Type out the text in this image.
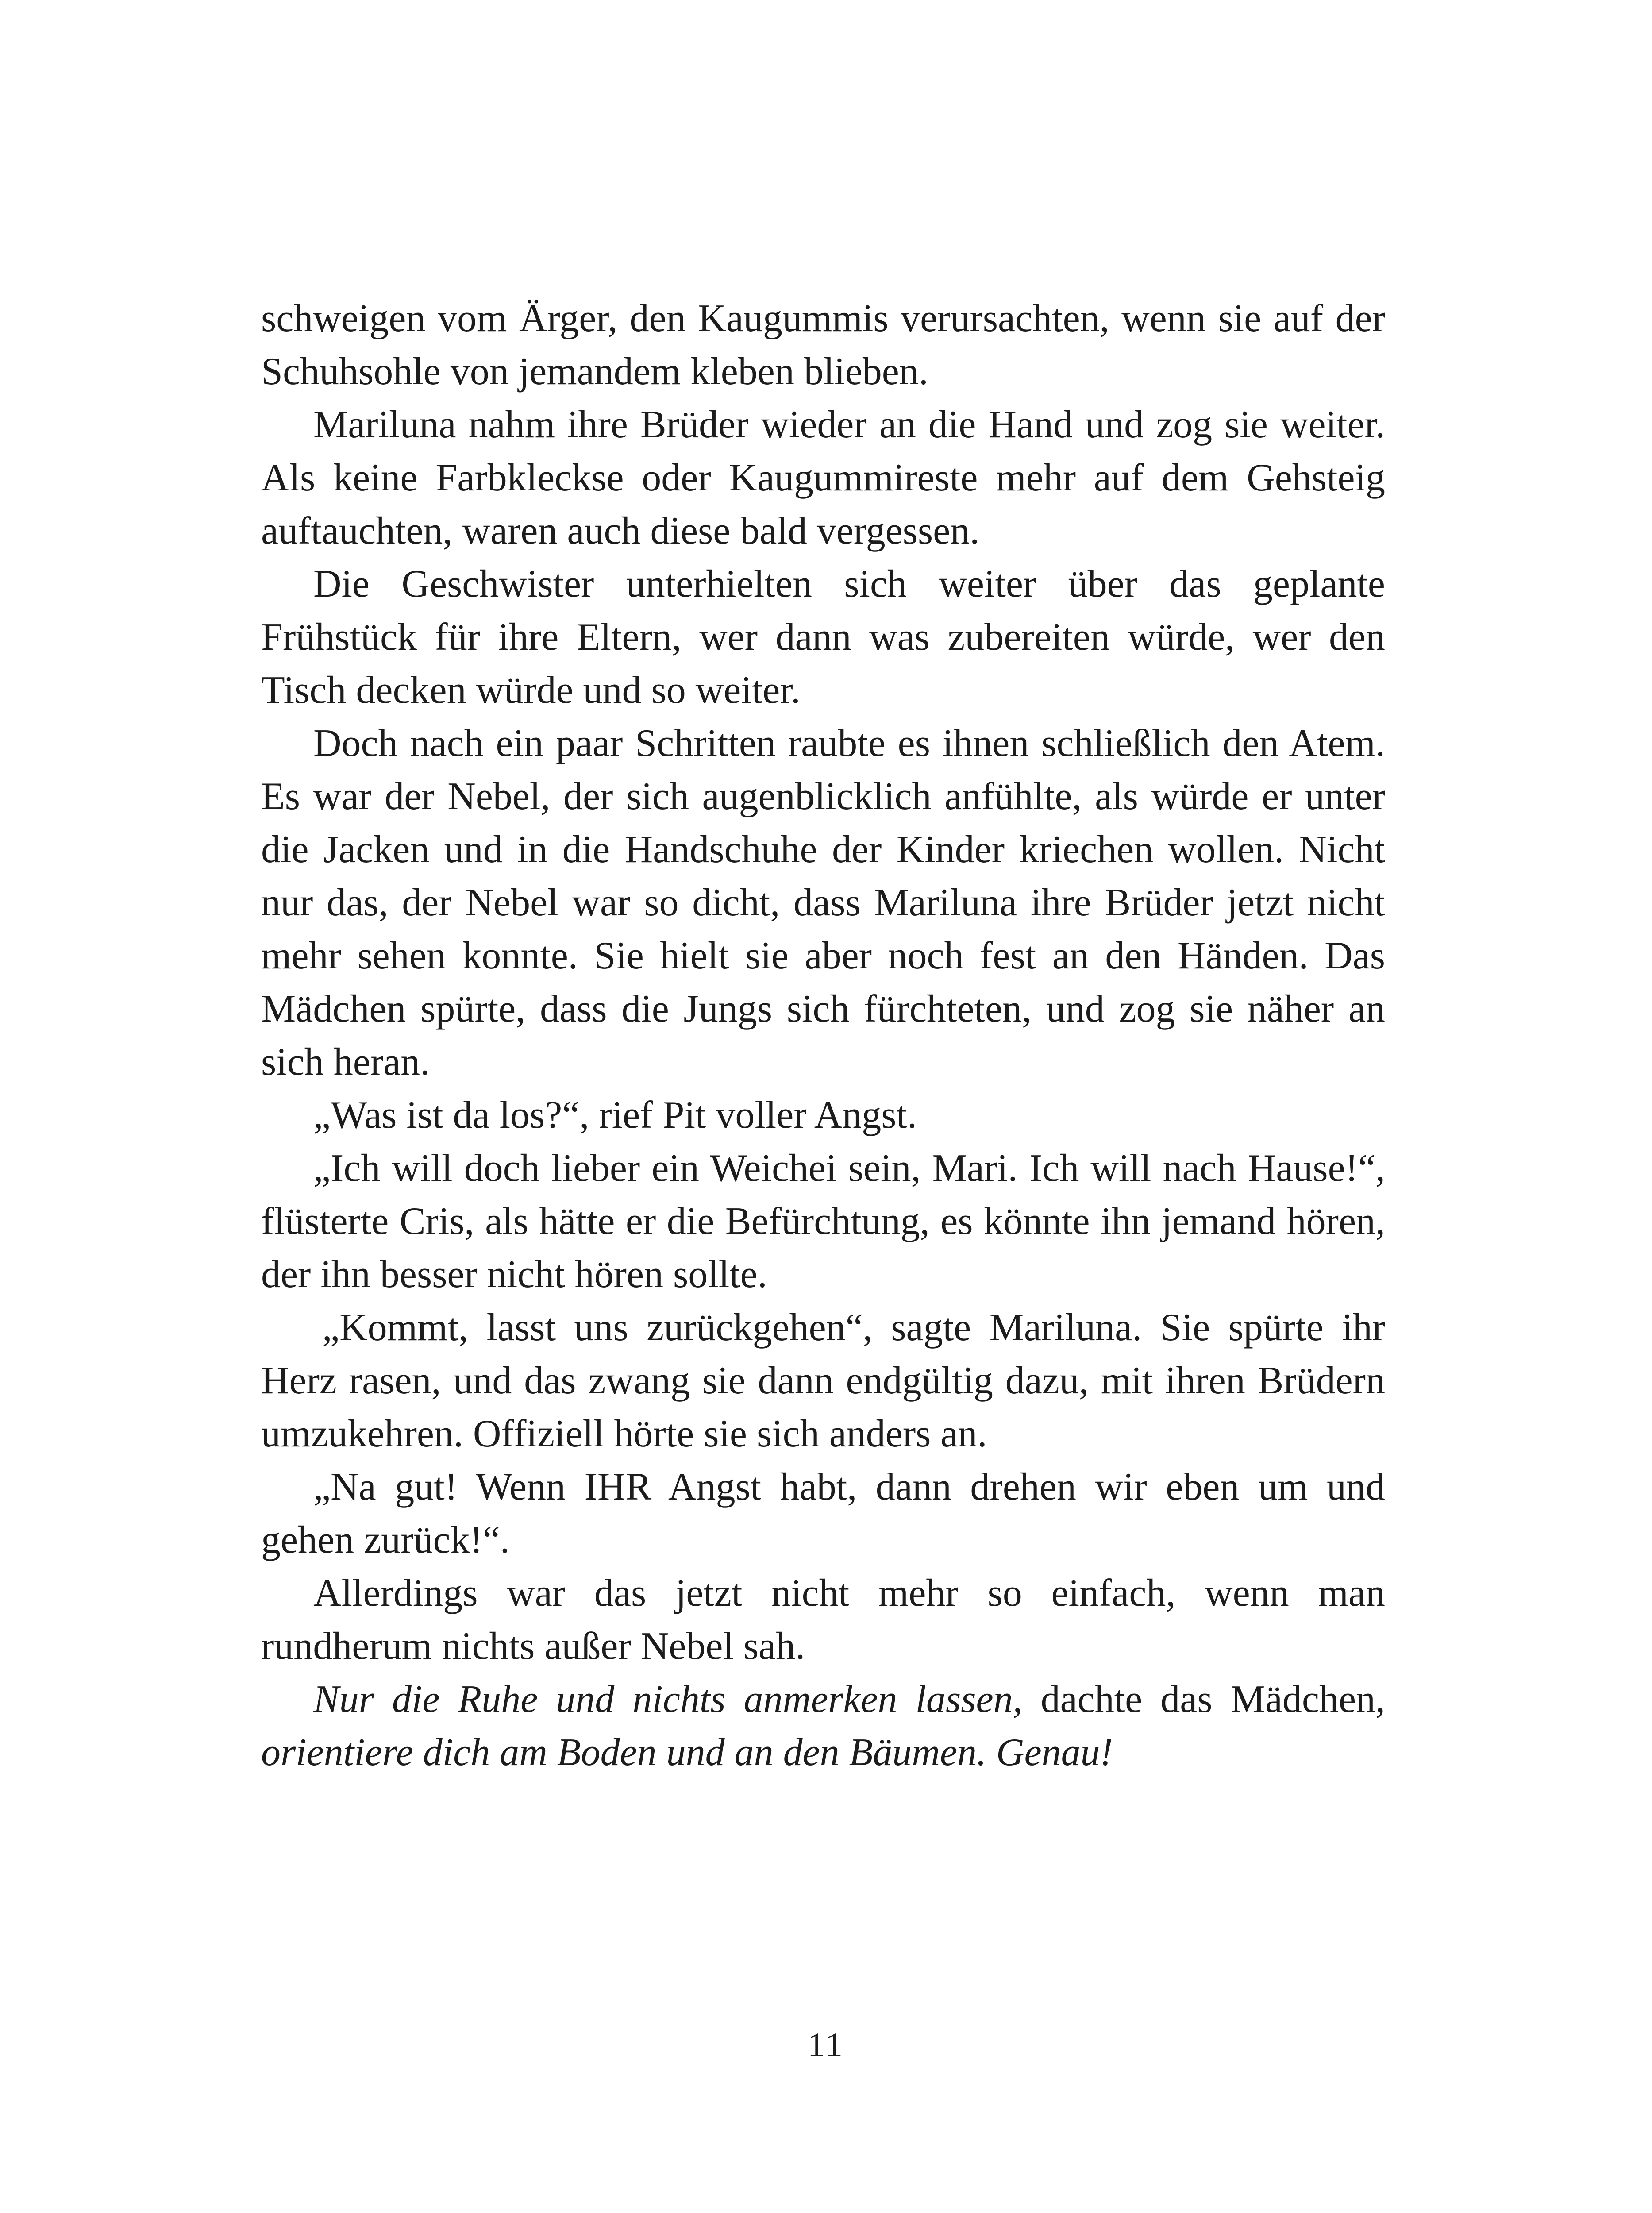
schweigen vom Ärger, den Kaugummis verursachten, wenn sie auf der Schuhsohle von jemandem kleben blieben.

Mariluna nahm ihre Brüder wieder an die Hand und zog sie weiter. Als keine Farbkleckse oder Kaugummireste mehr auf dem Gehsteig auftauchten, waren auch diese bald vergessen.

Die Geschwister unterhielten sich weiter über das geplante Frühstück für ihre Eltern, wer dann was zubereiten würde, wer den Tisch decken würde und so weiter.

Doch nach ein paar Schritten raubte es ihnen schließlich den Atem. Es war der Nebel, der sich augenblicklich anfühlte, als würde er unter die Jacken und in die Handschuhe der Kinder kriechen wollen. Nicht nur das, der Nebel war so dicht, dass Mariluna ihre Brüder jetzt nicht mehr sehen konnte. Sie hielt sie aber noch fest an den Händen. Das Mädchen spürte, dass die Jungs sich fürchteten, und zog sie näher an sich heran.

„Was ist da los?“, rief Pit voller Angst.

„Ich will doch lieber ein Weichei sein, Mari. Ich will nach Hause!“, flüsterte Cris, als hätte er die Befürchtung, es könnte ihn jemand hören, der ihn besser nicht hören sollte.

„Kommt, lasst uns zurückgehen“, sagte Mariluna. Sie spürte ihr Herz rasen, und das zwang sie dann endgültig dazu, mit ihren Brüdern umzukehren. Offiziell hörte sie sich anders an.

„Na gut! Wenn IHR Angst habt, dann drehen wir eben um und gehen zurück!“.

Allerdings war das jetzt nicht mehr so einfach, wenn man rundherum nichts außer Nebel sah.

Nur die Ruhe und nichts anmerken lassen, dachte das Mädchen, orientiere dich am Boden und an den Bäumen. Genau!

11
